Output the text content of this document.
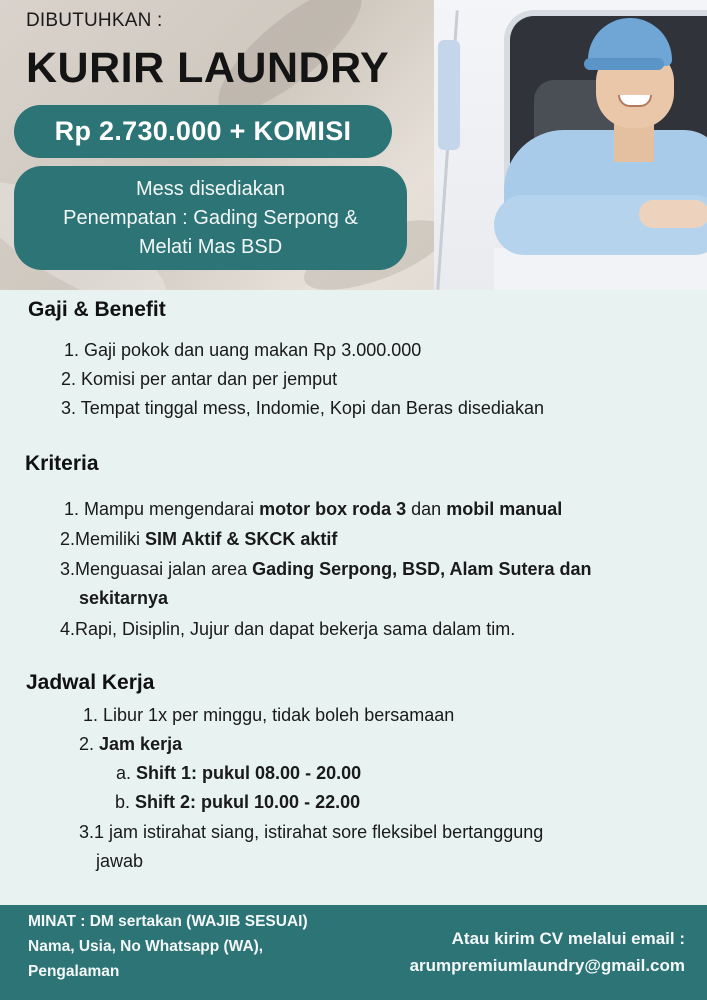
DIBUTUHKAN :
KURIR LAUNDRY
Rp 2.730.000 + KOMISI
Mess disediakan
Penempatan : Gading Serpong &
Melati Mas BSD
Gaji & Benefit
1. Gaji pokok dan uang makan Rp 3.000.000
2. Komisi per antar dan per jemput
3. Tempat tinggal mess, Indomie, Kopi dan Beras disediakan
Kriteria
1. Mampu mengendarai motor box roda 3 dan mobil manual
2.Memiliki SIM Aktif & SKCK aktif
3.Menguasai jalan area Gading Serpong, BSD, Alam Sutera dan
sekitarnya
4.Rapi, Disiplin, Jujur dan dapat bekerja sama dalam tim.
Jadwal Kerja
1. Libur 1x per minggu, tidak boleh bersamaan
2. Jam kerja
a. Shift 1: pukul 08.00 - 20.00
b. Shift 2: pukul 10.00 - 22.00
3.1 jam istirahat siang, istirahat sore fleksibel bertanggung
jawab
MINAT : DM sertakan (WAJIB SESUAI)
Nama, Usia, No Whatsapp (WA),
Pengalaman
Atau kirim CV melalui email :
arumpremiumlaundry@gmail.com
